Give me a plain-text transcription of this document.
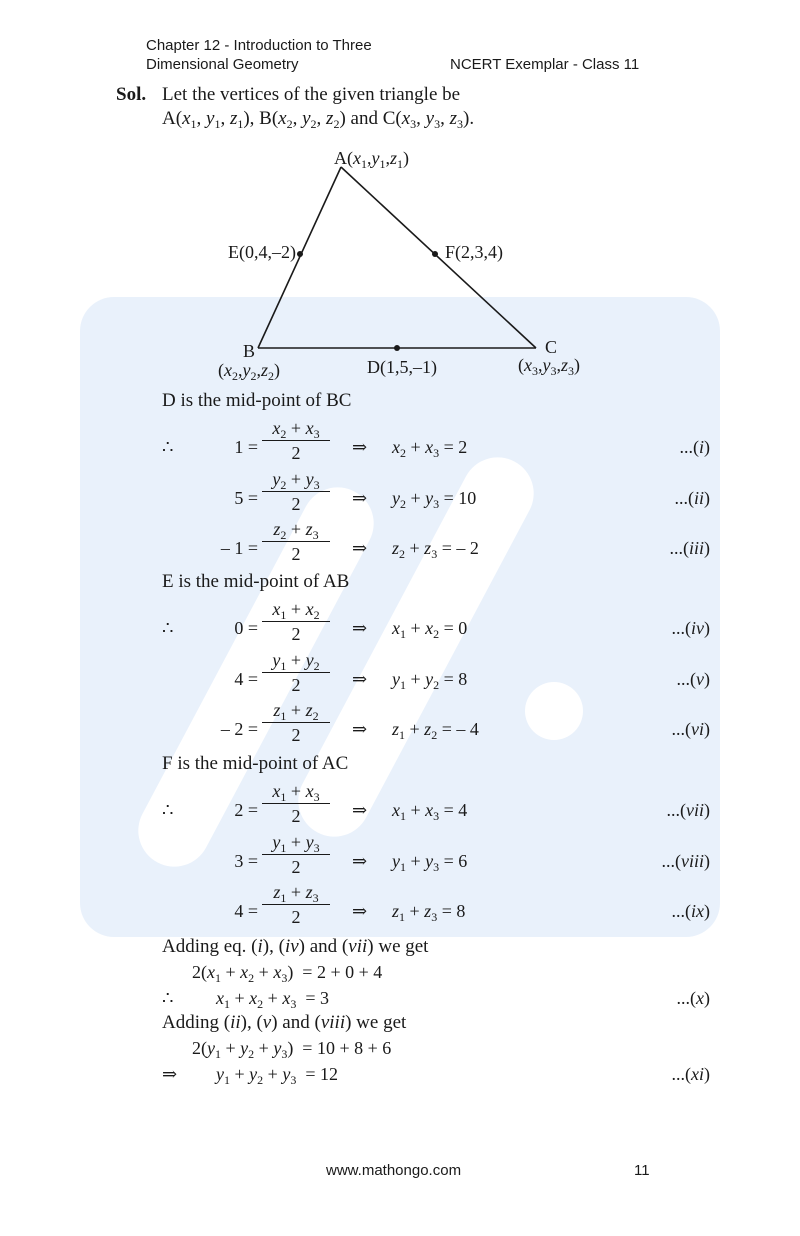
Chapter 12 - Introduction to Three
Dimensional Geometry	NCERT Exemplar - Class 11
Sol. Let the vertices of the given triangle be
$A(x_1$, $y_1$, $z_1$), $B(x_2$, $y_2$, $z_2$) and $C(x_3$, $y_3$, $z_3$).
$A(x_1,y_1,z_1)$
E(0,4,–2)	F(2,3,4)
B
$(x_2,y_2,z_2)$
C
$(x_3,y_3,z_3)$
D(1,5,–1)
D is the mid-point of BC
∴	1 =
$x_2 + x_3$
2	⇒ $x_2 + x_3 = 2$	...(i)
5 =
$y_2 + y_3$
2	⇒ $y_2 + y_3 = 10$	...(ii)
– 1 =
$z_2 + z_3$
2	⇒ $z_2 + z_3$ = – 2	...(iii)
E is the mid-point of AB
∴	0 =
$x_1 + x_2$
2	⇒ $x_1 + x_2 = 0$	...(iv)
4 =
$y_1 + y_2$
2	⇒ $y_1 + y_2 = 8$	...(v)
– 2 =
$z_1 + z_2$
2	⇒ $z_1 + z_2$ = – 4	...(vi)
F is the mid-point of AC
∴	2 =
$x_1 + x_3$
2	⇒ $x_1 + x_3 = 4$	...(vii)
3 =
$y_1 + y_3$
2	⇒ $y_1 + y_3 = 6$	...(viii)
4 =
$z_1 + z_3$
2	⇒ $z_1 + z_3 = 8$	...(ix)
Adding eq. (i), (iv) and (vii) we get
$2(x_1 + x_2 + x_3) = 2 + 0 + 4$
∴ $x_1 + x_2 + x_3 = 3$	...(x)
Adding (ii), (v) and (viii) we get
$2(y_1 + y_2 + y_3) = 10 + 8 + 6$
⇒ $y_1 + y_2 + y_3 = 12$	...(xi)
www.mathongo.com	11
